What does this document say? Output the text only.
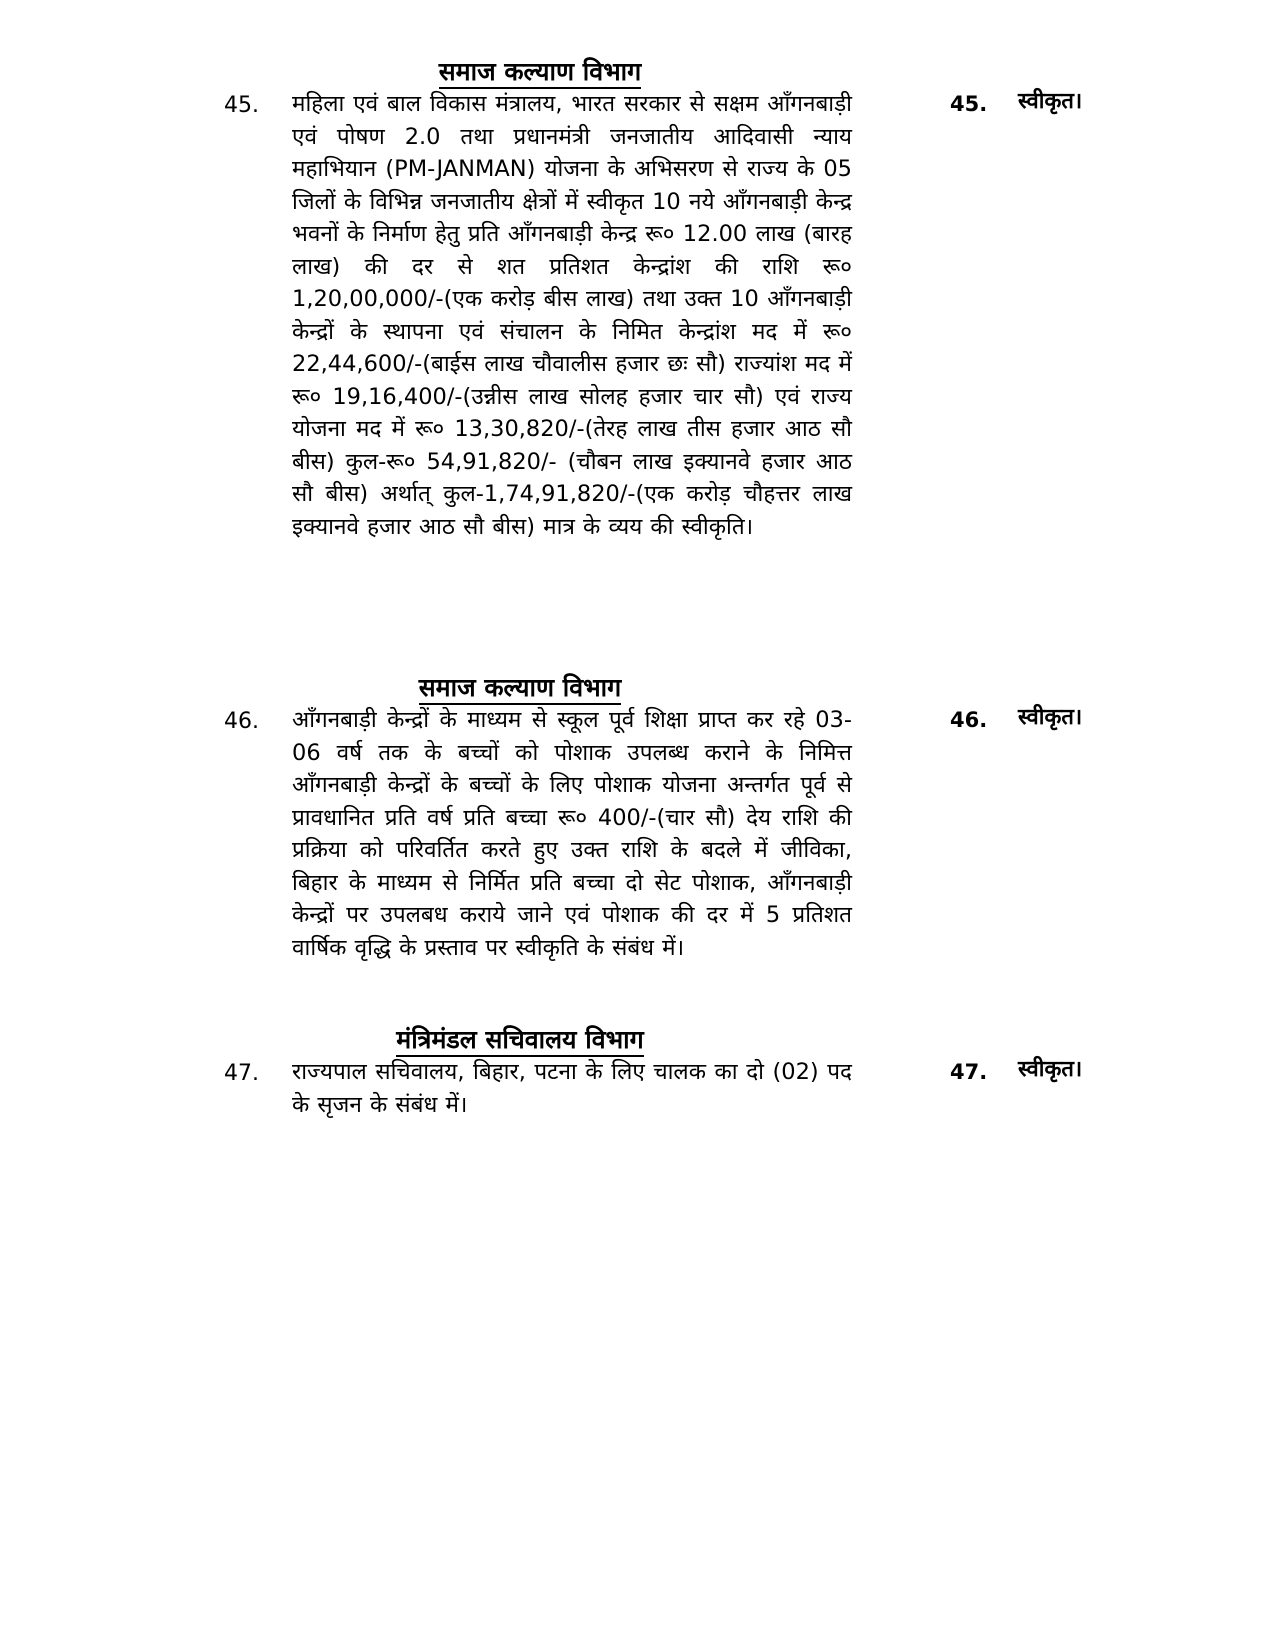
समाज कल्याण विभाग
45. महिला एवं बाल विकास मंत्रालय, भारत सरकार से सक्षम आँगनबाड़ी एवं पोषण 2.0 तथा प्रधानमंत्री जनजातीय आदिवासी न्याय महाभियान (PM-JANMAN) योजना के अभिसरण से राज्य के 05 जिलों के विभिन्न जनजातीय क्षेत्रों में स्वीकृत 10 नये आँगनबाड़ी केन्द्र भवनों के निर्माण हेतु प्रति आँगनबाड़ी केन्द्र रू० 12.00 लाख (बारह लाख) की दर से शत प्रतिशत केन्द्रांश की राशि रू० 1,20,00,000/-(एक करोड़ बीस लाख) तथा उक्त 10 आँगनबाड़ी केन्द्रों के स्थापना एवं संचालन के निमित केन्द्रांश मद में रू० 22,44,600/-(बाईस लाख चौवालीस हजार छः सौ) राज्यांश मद में रू० 19,16,400/-(उन्नीस लाख सोलह हजार चार सौ) एवं राज्य योजना मद में रू० 13,30,820/-(तेरह लाख तीस हजार आठ सौ बीस) कुल-रू० 54,91,820/- (चौबन लाख इक्यानवे हजार आठ सौ बीस) अर्थात् कुल-1,74,91,820/-(एक करोड़ चौहत्तर लाख इक्यानवे हजार आठ सौ बीस) मात्र के व्यय की स्वीकृति।
45. स्वीकृत।
समाज कल्याण विभाग
46. आँगनबाड़ी केन्द्रों के माध्यम से स्कूल पूर्व शिक्षा प्राप्त कर रहे 03-06 वर्ष तक के बच्चों को पोशाक उपलब्ध कराने के निमित्त आँगनबाड़ी केन्द्रों के बच्चों के लिए पोशाक योजना अन्तर्गत पूर्व से प्रावधानित प्रति वर्ष प्रति बच्चा रू० 400/-(चार सौ) देय राशि की प्रक्रिया को परिवर्तित करते हुए उक्त राशि के बदले में जीविका, बिहार के माध्यम से निर्मित प्रति बच्चा दो सेट पोशाक, आँगनबाड़ी केन्द्रों पर उपलबध कराये जाने एवं पोशाक की दर में 5 प्रतिशत वार्षिक वृद्धि के प्रस्ताव पर स्वीकृति के संबंध में।
46. स्वीकृत।
मंत्रिमंडल सचिवालय विभाग
47. राज्यपाल सचिवालय, बिहार, पटना के लिए चालक का दो (02) पद के सृजन के संबंध में।
47. स्वीकृत।
